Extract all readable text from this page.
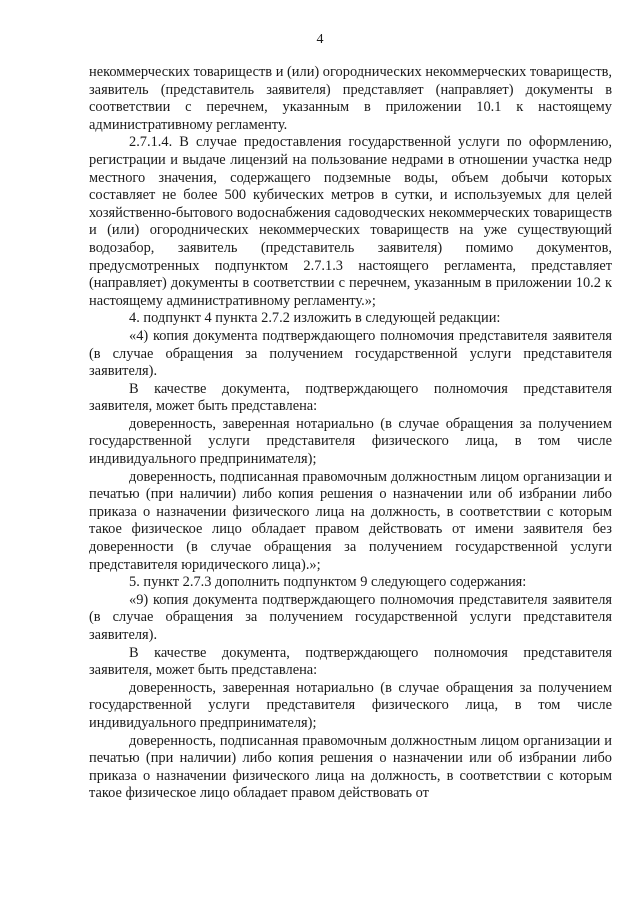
4

некоммерческих товариществ и (или) огороднических некоммерческих товариществ, заявитель (представитель заявителя) представляет (направляет) документы в соответствии с перечнем, указанным в приложении 10.1 к настоящему административному регламенту.

2.7.1.4. В случае предоставления государственной услуги по оформлению, регистрации и выдаче лицензий на пользование недрами в отношении участка недр местного значения, содержащего подземные воды, объем добычи которых составляет не более 500 кубических метров в сутки, и используемых для целей хозяйственно-бытового водоснабжения садоводческих некоммерческих товариществ и (или) огороднических некоммерческих товариществ на уже существующий водозабор, заявитель (представитель заявителя) помимо документов, предусмотренных подпунктом 2.7.1.3 настоящего регламента, представляет (направляет) документы в соответствии с перечнем, указанным в приложении 10.2 к настоящему административному регламенту.»;

4. подпункт 4 пункта 2.7.2 изложить в следующей редакции:

«4) копия документа подтверждающего полномочия представителя заявителя (в случае обращения за получением государственной услуги представителя заявителя).

В качестве документа, подтверждающего полномочия представителя заявителя, может быть представлена:

доверенность, заверенная нотариально (в случае обращения за получением государственной услуги представителя физического лица, в том числе индивидуального предпринимателя);

доверенность, подписанная правомочным должностным лицом организации и печатью (при наличии) либо копия решения о назначении или об избрании либо приказа о назначении физического лица на должность, в соответствии с которым такое физическое лицо обладает правом действовать от имени заявителя без доверенности (в случае обращения за получением государственной услуги представителя юридического лица).»;

5. пункт 2.7.3 дополнить подпунктом 9 следующего содержания:

«9) копия документа подтверждающего полномочия представителя заявителя (в случае обращения за получением государственной услуги представителя заявителя).

В качестве документа, подтверждающего полномочия представителя заявителя, может быть представлена:

доверенность, заверенная нотариально (в случае обращения за получением государственной услуги представителя физического лица, в том числе индивидуального предпринимателя);

доверенность, подписанная правомочным должностным лицом организации и печатью (при наличии) либо копия решения о назначении или об избрании либо приказа о назначении физического лица на должность, в соответствии с которым такое физическое лицо обладает правом действовать от
